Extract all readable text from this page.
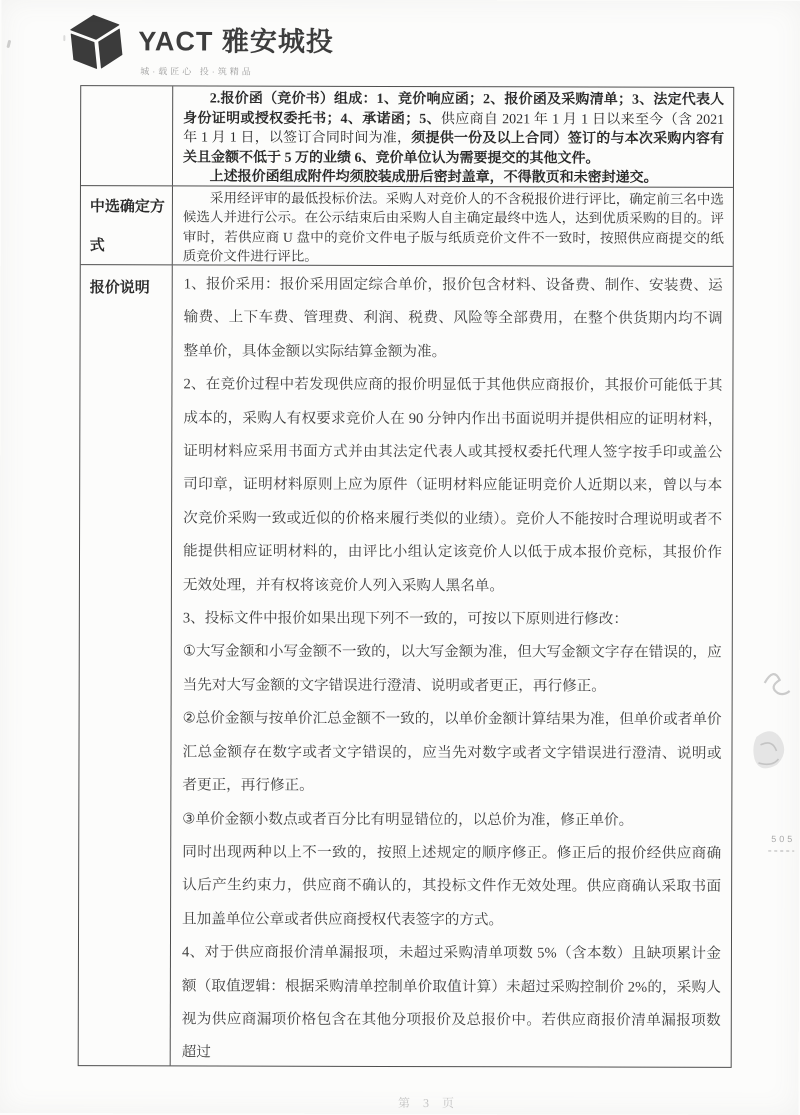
YACT 雅安城投
城·载匠心 投·筑精品

2.报价函（竞价书）组成：1、竞价响应函；2、报价函及采购清单；3、法定代表人身份证明或授权委托书；4、承诺函；5、供应商自 2021 年 1 月 1 日以来至今（含 2021 年 1 月 1 日，以签订合同时间为准，须提供一份及以上合同）签订的与本次采购内容有关且金额不低于 5 万的业绩 6、竞价单位认为需要提交的其他文件。

上述报价函组成附件均须胶装成册后密封盖章，不得散页和未密封递交。

中选确定方式

采用经评审的最低投标价法。采购人对竞价人的不含税报价进行评比，确定前三名中选候选人并进行公示。在公示结束后由采购人自主确定最终中选人，达到优质采购的目的。评审时，若供应商 U 盘中的竞价文件电子版与纸质竞价文件不一致时，按照供应商提交的纸质竞价文件进行评比。

报价说明	1、报价采用：报价采用固定综合单价，报价包含材料、设备费、制作、安装费、运输费、上下车费、管理费、利润、税费、风险等全部费用，在整个供货期内均不调整单价，具体金额以实际结算金额为准。

2、在竞价过程中若发现供应商的报价明显低于其他供应商报价，其报价可能低于其成本的，采购人有权要求竞价人在 90 分钟内作出书面说明并提供相应的证明材料，证明材料应采用书面方式并由其法定代表人或其授权委托代理人签字按手印或盖公司印章，证明材料原则上应为原件（证明材料应能证明竞价人近期以来，曾以与本次竞价采购一致或近似的价格来履行类似的业绩）。竞价人不能按时合理说明或者不能提供相应证明材料的，由评比小组认定该竞价人以低于成本报价竞标，其报价作无效处理，并有权将该竞价人列入采购人黑名单。

3、投标文件中报价如果出现下列不一致的，可按以下原则进行修改：

①大写金额和小写金额不一致的，以大写金额为准，但大写金额文字存在错误的，应当先对大写金额的文字错误进行澄清、说明或者更正，再行修正。

②总价金额与按单价汇总金额不一致的，以单价金额计算结果为准，但单价或者单价汇总金额存在数字或者文字错误的，应当先对数字或者文字错误进行澄清、说明或者更正，再行修正。

③单价金额小数点或者百分比有明显错位的，以总价为准，修正单价。

同时出现两种以上不一致的，按照上述规定的顺序修正。修正后的报价经供应商确认后产生约束力，供应商不确认的，其投标文件作无效处理。供应商确认采取书面且加盖单位公章或者供应商授权代表签字的方式。

4、对于供应商报价清单漏报项，未超过采购清单项数 5%（含本数）且缺项累计金额（取值逻辑：根据采购清单控制单价取值计算）未超过采购控制价 2%的，采购人视为供应商漏项价格包含在其他分项报价及总报价中。若供应商报价清单漏报项数超过

第 3 页
505
